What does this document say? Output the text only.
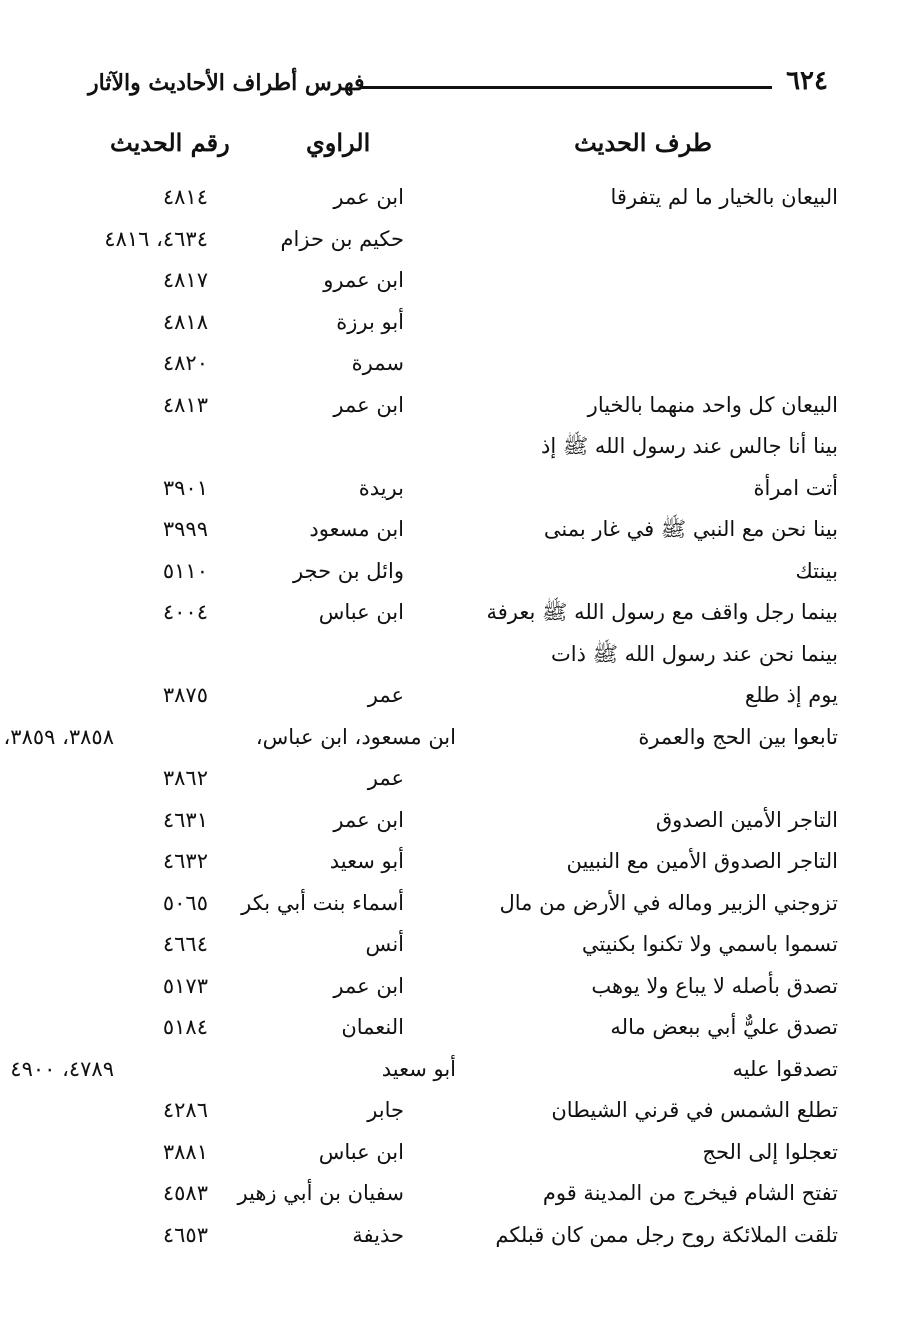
٦٢٤
فهرس أطراف الأحاديث والآثار
طرف الحديث
الراوي
رقم الحديث
البيعان بالخيار ما لم يتفرقا
ابن عمر
٤٨١٤
حكيم بن حزام
٤٦٣٤، ٤٨١٦
ابن عمرو
٤٨١٧
أبو برزة
٤٨١٨
سمرة
٤٨٢٠
البيعان كل واحد منهما بالخيار
ابن عمر
٤٨١٣
بينا أنا جالس عند رسول الله ﷺ إذ
أتت امرأة
بريدة
٣٩٠١
بينا نحن مع النبي ﷺ في غار بمنى
ابن مسعود
٣٩٩٩
بينتك
وائل بن حجر
٥١١٠
بينما رجل واقف مع رسول الله ﷺ بعرفة
ابن عباس
٤٠٠٤
بينما نحن عند رسول الله ﷺ ذات
يوم إذ طلع
عمر
٣٨٧٥
تابعوا بين الحج والعمرة
ابن مسعود، ابن عباس،
٣٨٥٨، ٣٨٥٩،
عمر
٣٨٦٢
التاجر الأمين الصدوق
ابن عمر
٤٦٣١
التاجر الصدوق الأمين مع النبيين
أبو سعيد
٤٦٣٢
تزوجني الزبير وماله في الأرض من مال
أسماء بنت أبي بكر
٥٠٦٥
تسموا باسمي ولا تكنوا بكنيتي
أنس
٤٦٦٤
تصدق بأصله لا يباع ولا يوهب
ابن عمر
٥١٧٣
تصدق عليٌّ أبي ببعض ماله
النعمان
٥١٨٤
تصدقوا عليه
أبو سعيد
٤٧٨٩، ٤٩٠٠
تطلع الشمس في قرني الشيطان
جابر
٤٢٨٦
تعجلوا إلى الحج
ابن عباس
٣٨٨١
تفتح الشام فيخرج من المدينة قوم
سفيان بن أبي زهير
٤٥٨٣
تلقت الملائكة روح رجل ممن كان قبلكم
حذيفة
٤٦٥٣
